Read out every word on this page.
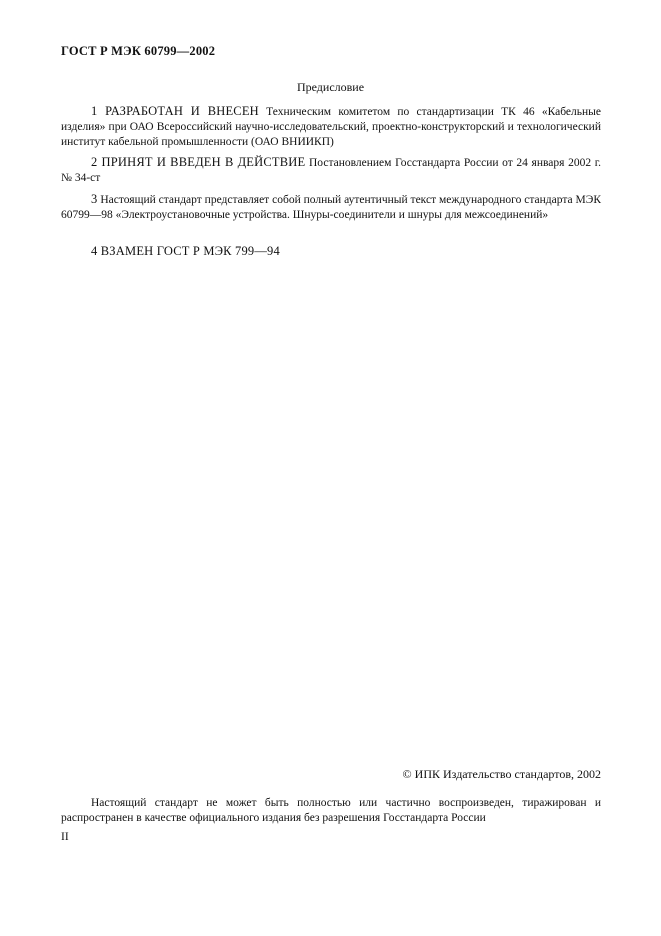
ГОСТ Р МЭК 60799—2002
Предисловие

1 РАЗРАБОТАН И ВНЕСЕН Техническим комитетом по стандартизации ТК 46 «Кабельные изделия» при ОАО Всероссийский научно-исследовательский, проектно-конструкторский и технологический институт кабельной промышленности (ОАО ВНИИКП)

2 ПРИНЯТ И ВВЕДЕН В ДЕЙСТВИЕ Постановлением Госстандарта России от 24 января 2002 г. № 34-ст

3 Настоящий стандарт представляет собой полный аутентичный текст международного стандарта МЭК 60799—98 «Электроустановочные устройства. Шнуры-соединители и шнуры для межсоединений»

4 ВЗАМЕН ГОСТ Р МЭК 799—94

© ИПК Издательство стандартов, 2002

Настоящий стандарт не может быть полностью или частично воспроизведен, тиражирован и распространен в качестве официального издания без разрешения Госстандарта России

II
